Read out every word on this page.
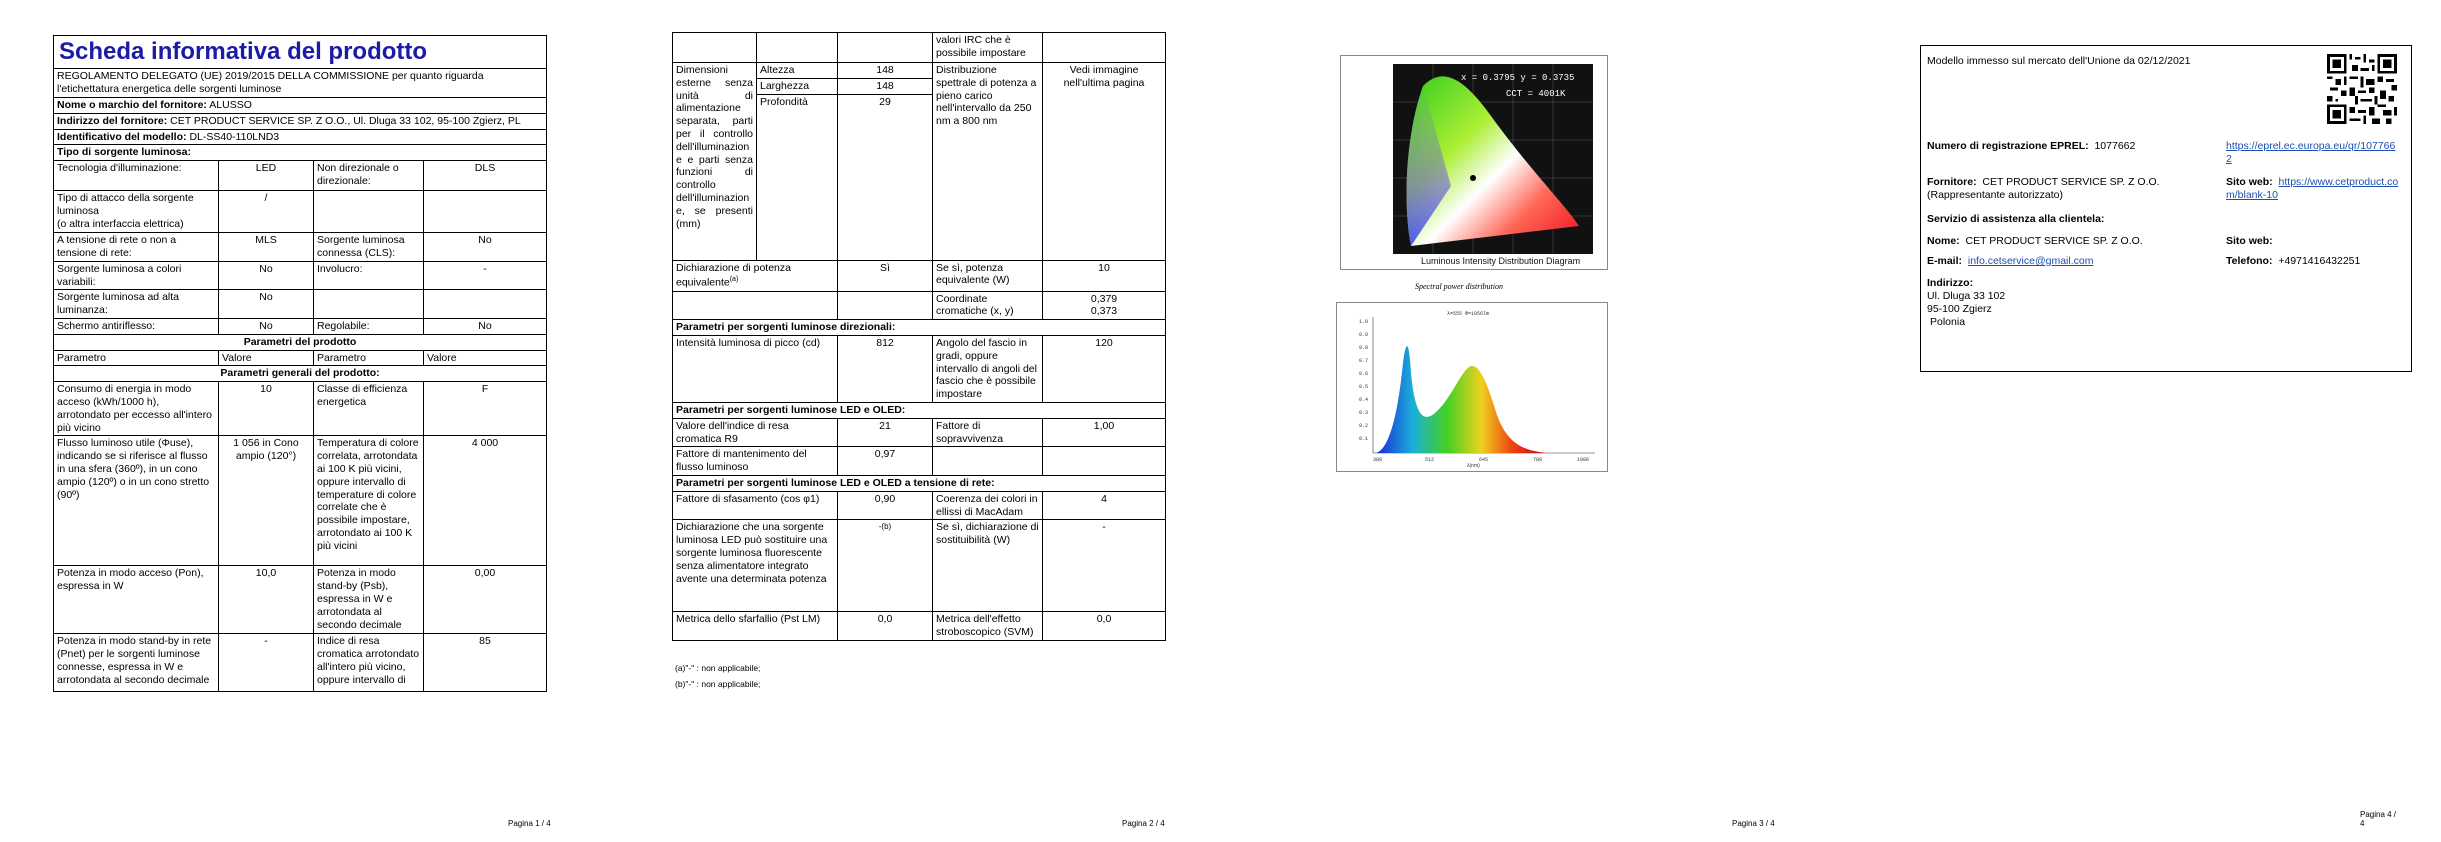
Scheda informativa del prodotto			
REGOLAMENTO DELEGATO (UE) 2019/2015 DELLA COMMISSIONE per quanto riguarda l'etichettatura energetica delle sorgenti luminose			
Nome o marchio del fornitore: ALUSSO			
Indirizzo del fornitore: CET PRODUCT SERVICE SP. Z O.O., Ul. Dluga 33 102, 95-100 Zgierz, PL			
Identificativo del modello: DL-SS40-110LND3			
Tipo di sorgente luminosa:			
Tecnologia d'illuminazione:	LED	Non direzionale o direzionale:	DLS
Tipo di attacco della sorgente luminosa
(o altra interfaccia elettrica)	/		
A tensione di rete o non a tensione di rete:	MLS	Sorgente luminosa connessa (CLS):	No
Sorgente luminosa a colori variabili:	No	Involucro:	-
Sorgente luminosa ad alta luminanza:	No		
Schermo antiriflesso:	No	Regolabile:	No
Parametri del prodotto			
Parametro	Valore	Parametro	Valore
Parametri generali del prodotto:			
Consumo di energia in modo acceso (kWh/1000 h), arrotondato per eccesso all'intero più vicino	10	Classe di efficienza energetica	F
Flusso luminoso utile (Φuse), indicando se si riferisce al flusso in una sfera (360º), in un cono ampio (120º) o in un cono stretto (90º)	1 056 in Cono ampio (120°)	Temperatura di colore correlata, arrotondata ai 100 K più vicini, oppure intervallo di temperature di colore correlate che è possibile impostare, arrotondato ai 100 K più vicini	4 000
Potenza in modo acceso (Pon), espressa in W	10,0	Potenza in modo stand-by (Psb), espressa in W e arrotondata al secondo decimale	0,00
Potenza in modo stand-by in rete (Pnet) per le sorgenti luminose connesse, espressa in W e arrotondata al secondo decimale	-	Indice di resa cromatica arrotondato all'intero più vicino, oppure intervallo di	85
Pagina 1 / 4
			valori IRC che è possibile impostare	
Dimensioni esterne senza unità di alimentazione separata, parti per il controllo dell'illuminazione e parti senza funzioni di controllo dell'illuminazione, se presenti (mm)	Altezza	148	Distribuzione spettrale di potenza a pieno carico nell'intervallo da 250 nm a 800 nm	Vedi immagine nell'ultima pagina
	Larghezza	148		
	Profondità	29		
Dichiarazione di potenza equivalente$^{(a)}$		Sì	Se sì, potenza equivalente (W)	10
			Coordinate cromatiche (x, y)	0,379
0,373
Parametri per sorgenti luminose direzionali:				
Intensità luminosa di picco (cd)		812	Angolo del fascio in gradi, oppure intervallo di angoli del fascio che è possibile impostare	120
Parametri per sorgenti luminose LED e OLED:				
Valore dell'indice di resa cromatica R9		21	Fattore di sopravvivenza	1,00
Fattore di mantenimento del flusso luminoso		0,97		
Parametri per sorgenti luminose LED e OLED a tensione di rete:				
Fattore di sfasamento (cos φ1)		0,90	Coerenza dei colori in ellissi di MacAdam	4
Dichiarazione che una sorgente luminosa LED può sostituire una sorgente luminosa fluorescente senza alimentatore integrato avente una determinata potenza		-(b)	Se sì, dichiarazione di sostituibilità (W)	-
Metrica dello sfarfallio (Pst LM)		0,0	Metrica dell'effetto stroboscopico (SVM)	0,0
(a)"-" : non applicabile;
(b)"-" : non applicabile;
Pagina 2 / 4
x = 0.3795 y = 0.3735
CCT = 4001K
Luminous Intensity Distribution Diagram
Spectral power distribution
1.0
0.9
0.8
0.7
0.6
0.5
0.4
0.3
0.2
0.1
λ=555 Φ=1056lm
380	512	645	780	1000
λ(nm)
Pagina 3 / 4
Modello immesso sul mercato dell'Unione da 02/12/2021
Numero di registrazione EPREL: 1077662	https://eprel.ec.europa.eu/qr/1077662
Fornitore: CET PRODUCT SERVICE SP. Z O.O. (Rappresentante autorizzato)
Sito web: https://www.cetproduct.com/blank-10
Servizio di assistenza alla clientela:
Nome: CET PRODUCT SERVICE SP. Z O.O.	Sito web:
E-mail: info.cetservice@gmail.com	Telefono: +4971416432251
Indirizzo:
Ul. Dluga 33 102
95-100 Zgierz
Polonia
Pagina 4 / 4
